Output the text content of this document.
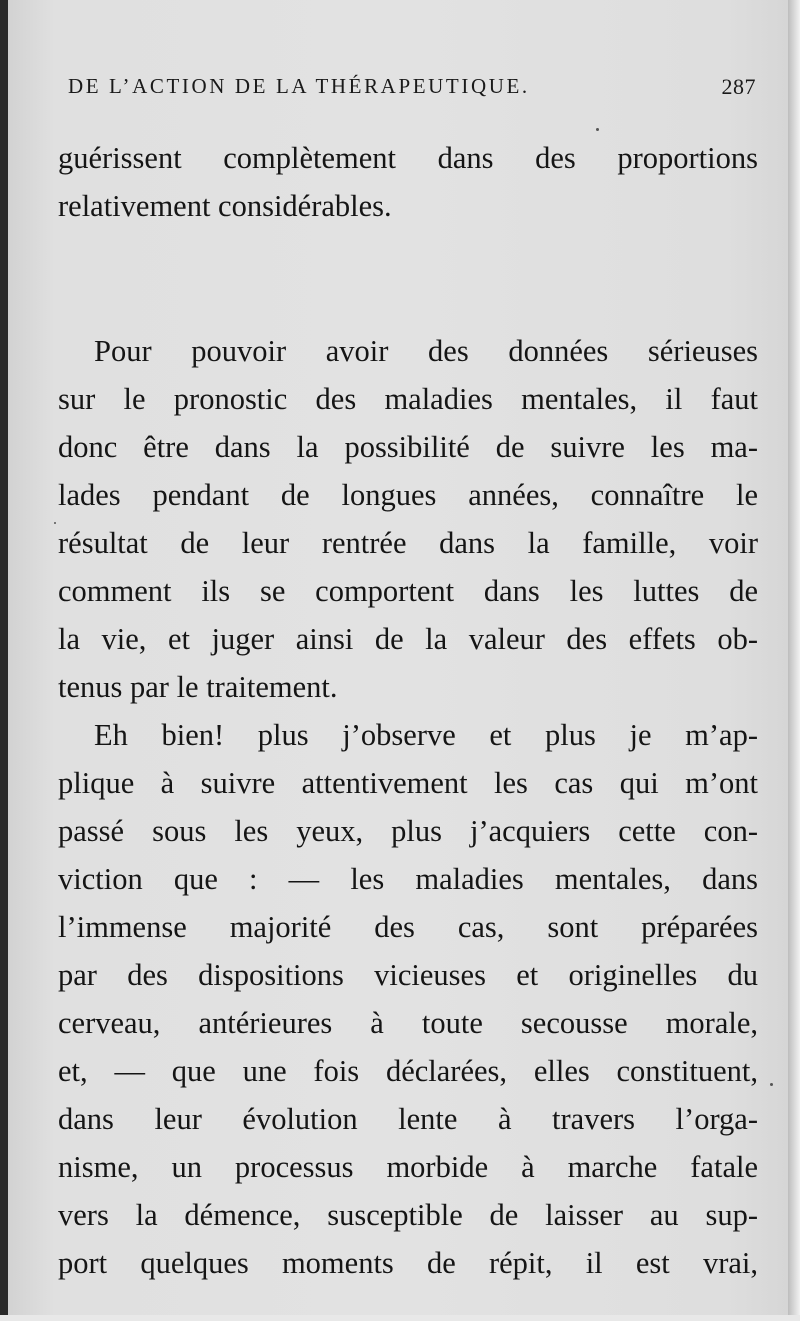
DE L’ACTION DE LA THÉRAPEUTIQUE.	287
guérissent complètement dans des proportions
relativement considérables.
Pour pouvoir avoir des données sérieuses
sur le pronostic des maladies mentales, il faut
donc être dans la possibilité de suivre les ma-
lades pendant de longues années, connaître le
résultat de leur rentrée dans la famille, voir
comment ils se comportent dans les luttes de
la vie, et juger ainsi de la valeur des effets ob-
tenus par le traitement.
Eh bien! plus j’observe et plus je m’ap-
plique à suivre attentivement les cas qui m’ont
passé sous les yeux, plus j’acquiers cette con-
viction que : — les maladies mentales, dans
l’immense majorité des cas, sont préparées
par des dispositions vicieuses et originelles du
cerveau, antérieures à toute secousse morale,
et, — que une fois déclarées, elles constituent,
dans leur évolution lente à travers l’orga-
nisme, un processus morbide à marche fatale
vers la démence, susceptible de laisser au sup-
port quelques moments de répit, il est vrai,
